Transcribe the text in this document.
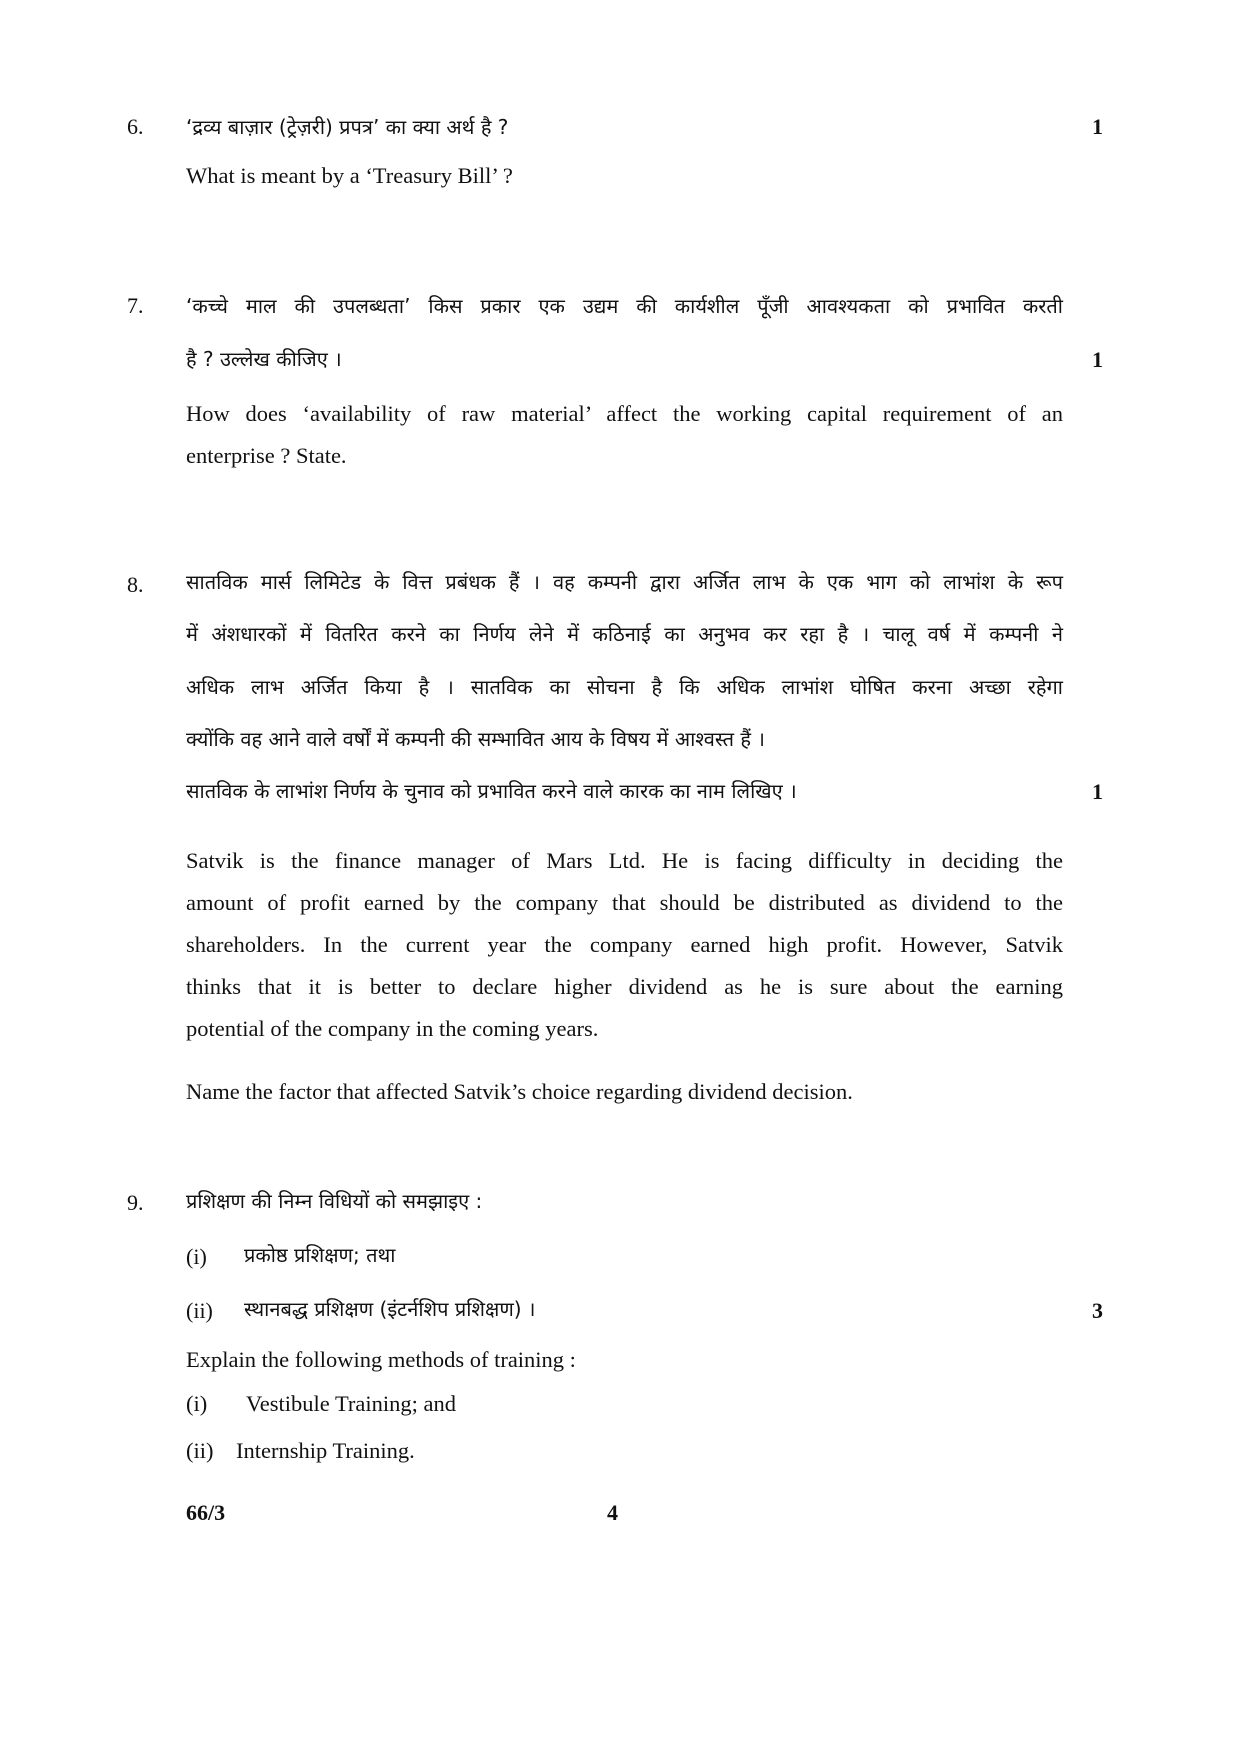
6. ‘द्रव्य बाज़ार (ट्रेज़री) प्रपत्र’ का क्या अर्थ है ?	1
What is meant by a ‘Treasury Bill’ ?
7. ‘कच्चे माल की उपलब्धता’ किस प्रकार एक उद्यम की कार्यशील पूँजी आवश्यकता को प्रभावित करती
है ? उल्लेख कीजिए ।	1
How does ‘availability of raw material’ affect the working capital requirement of an
enterprise ? State.
8. सातविक मार्स लिमिटेड के वित्त प्रबंधक हैं । वह कम्पनी द्वारा अर्जित लाभ के एक भाग को लाभांश के रूप
में अंशधारकों में वितरित करने का निर्णय लेने में कठिनाई का अनुभव कर रहा है । चालू वर्ष में कम्पनी ने
अधिक लाभ अर्जित किया है । सातविक का सोचना है कि अधिक लाभांश घोषित करना अच्छा रहेगा
क्योंकि वह आने वाले वर्षों में कम्पनी की सम्भावित आय के विषय में आश्वस्त हैं ।
सातविक के लाभांश निर्णय के चुनाव को प्रभावित करने वाले कारक का नाम लिखिए ।	1
Satvik is the finance manager of Mars Ltd. He is facing difficulty in deciding the
amount of profit earned by the company that should be distributed as dividend to the
shareholders. In the current year the company earned high profit. However, Satvik
thinks that it is better to declare higher dividend as he is sure about the earning
potential of the company in the coming years.
Name the factor that affected Satvik’s choice regarding dividend decision.
9. प्रशिक्षण की निम्न विधियों को समझाइए :
(i) प्रकोष्ठ प्रशिक्षण; तथा
(ii) स्थानबद्ध प्रशिक्षण (इंटर्नशिप प्रशिक्षण) ।	3
Explain the following methods of training :
(i) Vestibule Training; and
(ii) Internship Training.
66/3	4
